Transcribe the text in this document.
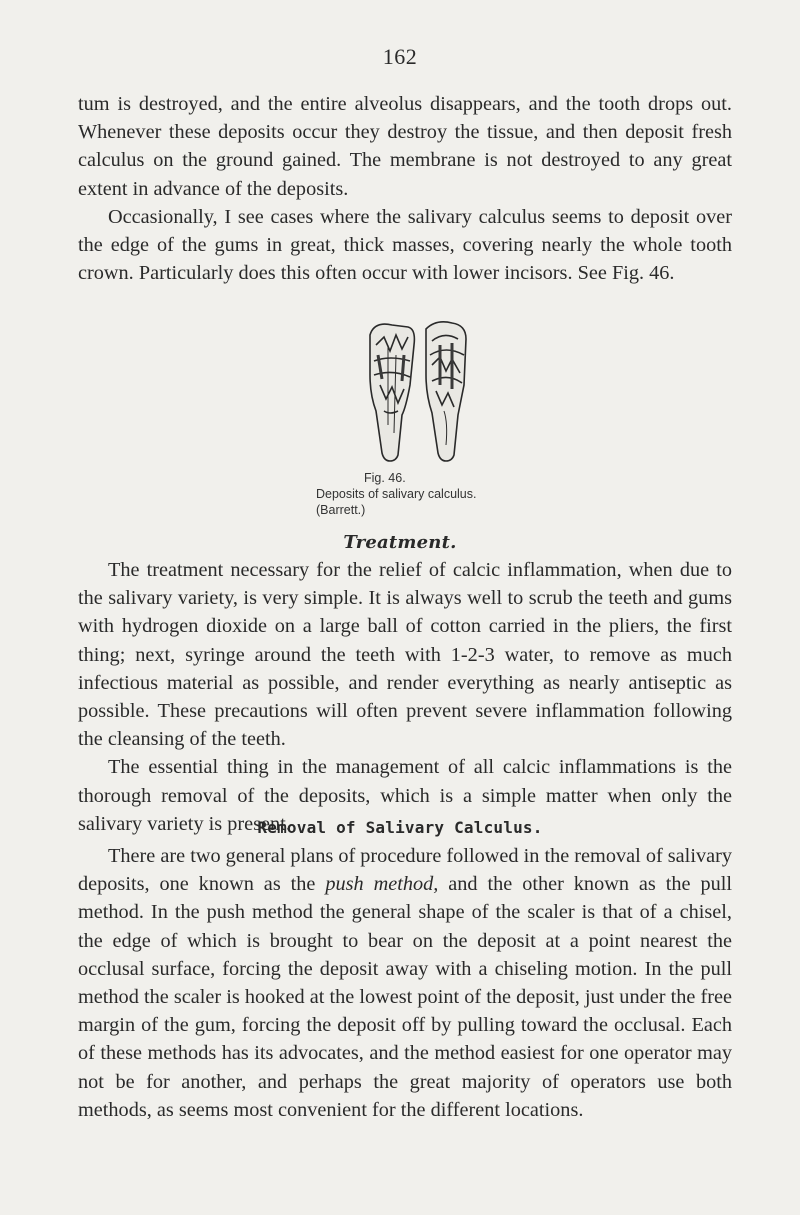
162

tum is destroyed, and the entire alveolus disappears, and the tooth drops out. Whenever these deposits occur they destroy the tissue, and then deposit fresh calculus on the ground gained. The membrane is not destroyed to any great extent in advance of the deposits.

Occasionally, I see cases where the salivary calculus seems to deposit over the edge of the gums in great, thick masses, covering nearly the whole tooth crown. Particularly does this often occur with lower incisors. See Fig. 46.

Fig. 46.
Deposits of salivary calculus. (Barrett.)
Treatment.

The treatment necessary for the relief of calcic inflammation, when due to the salivary variety, is very simple. It is always well to scrub the teeth and gums with hydrogen dioxide on a large ball of cotton carried in the pliers, the first thing; next, syringe around the teeth with 1-2-3 water, to remove as much infectious material as possible, and render everything as nearly antiseptic as possible. These precautions will often prevent severe inflammation following the cleansing of the teeth.

The essential thing in the management of all calcic inflammations is the thorough removal of the deposits, which is a simple matter when only the salivary variety is present.

Removal of Salivary Calculus.

There are two general plans of procedure followed in the removal of salivary deposits, one known as the push method, and the other known as the pull method. In the push method the general shape of the scaler is that of a chisel, the edge of which is brought to bear on the deposit at a point nearest the occlusal surface, forcing the deposit away with a chiseling motion. In the pull method the scaler is hooked at the lowest point of the deposit, just under the free margin of the gum, forcing the deposit off by pulling toward the occlusal. Each of these methods has its advocates, and the method easiest for one operator may not be for another, and perhaps the great majority of operators use both methods, as seems most convenient for the different locations.
